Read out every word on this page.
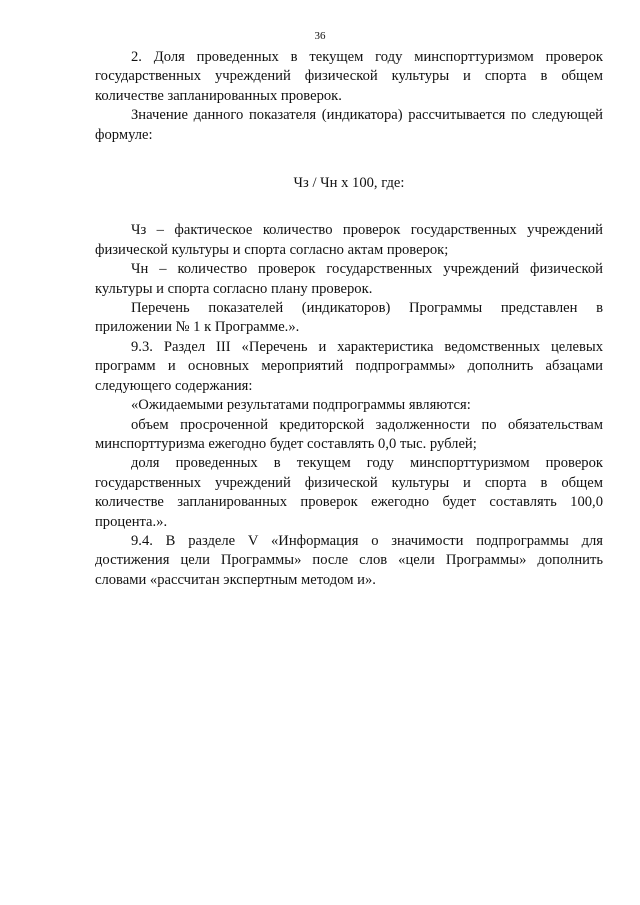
36

2. Доля проведенных в текущем году минспорттуризмом проверок государственных учреждений физической культуры и спорта в общем количестве запланированных проверок.

Значение данного показателя (индикатора) рассчитывается по следующей формуле:

Чз / Чн х 100, где:

Чз – фактическое количество проверок государственных учреждений физической культуры и спорта согласно актам проверок;

Чн – количество проверок государственных учреждений физической культуры и спорта согласно плану проверок.

Перечень показателей (индикаторов) Программы представлен в приложении № 1 к Программе.».

9.3. Раздел III «Перечень и характеристика ведомственных целевых программ и основных мероприятий подпрограммы» дополнить абзацами следующего содержания:

«Ожидаемыми результатами подпрограммы являются:

объем просроченной кредиторской задолженности по обязательствам минспорттуризма ежегодно будет составлять 0,0 тыс. рублей;

доля проведенных в текущем году минспорттуризмом проверок государственных учреждений физической культуры и спорта в общем количестве запланированных проверок ежегодно будет составлять 100,0 процента.».

9.4. В разделе V «Информация о значимости подпрограммы для достижения цели Программы» после слов «цели Программы» дополнить словами «рассчитан экспертным методом и».
